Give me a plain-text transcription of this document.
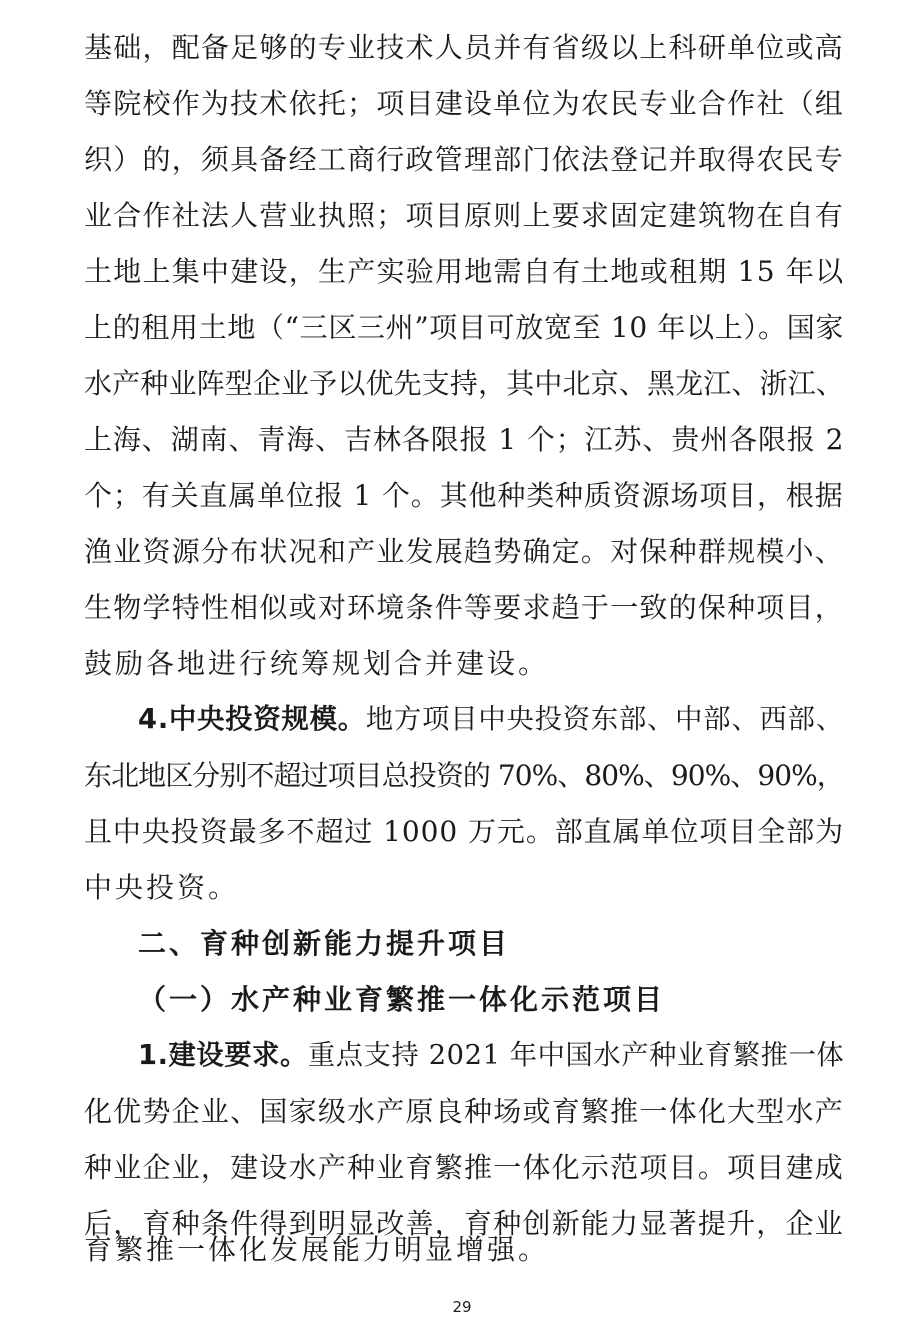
基础，配备足够的专业技术人员并有省级以上科研单位或高
等院校作为技术依托；项目建设单位为农民专业合作社（组
织）的，须具备经工商行政管理部门依法登记并取得农民专
业合作社法人营业执照；项目原则上要求固定建筑物在自有
土地上集中建设，生产实验用地需自有土地或租期 15 年以
上的租用土地（“三区三州”项目可放宽至 10 年以上）。国家
水产种业阵型企业予以优先支持，其中北京、黑龙江、浙江、
上海、湖南、青海、吉林各限报 1 个；江苏、贵州各限报 2
个；有关直属单位报 1 个。其他种类种质资源场项目，根据
渔业资源分布状况和产业发展趋势确定。对保种群规模小、
生物学特性相似或对环境条件等要求趋于一致的保种项目，
鼓励各地进行统筹规划合并建设。
4.中央投资规模。地方项目中央投资东部、中部、西部、
东北地区分别不超过项目总投资的 70%、80%、90%、90%，
且中央投资最多不超过 1000 万元。部直属单位项目全部为
中央投资。
二、育种创新能力提升项目
（一）水产种业育繁推一体化示范项目
1.建设要求。重点支持 2021 年中国水产种业育繁推一体
化优势企业、国家级水产原良种场或育繁推一体化大型水产
种业企业，建设水产种业育繁推一体化示范项目。项目建成
后，育种条件得到明显改善，育种创新能力显著提升，企业
育繁推一体化发展能力明显增强。
29
